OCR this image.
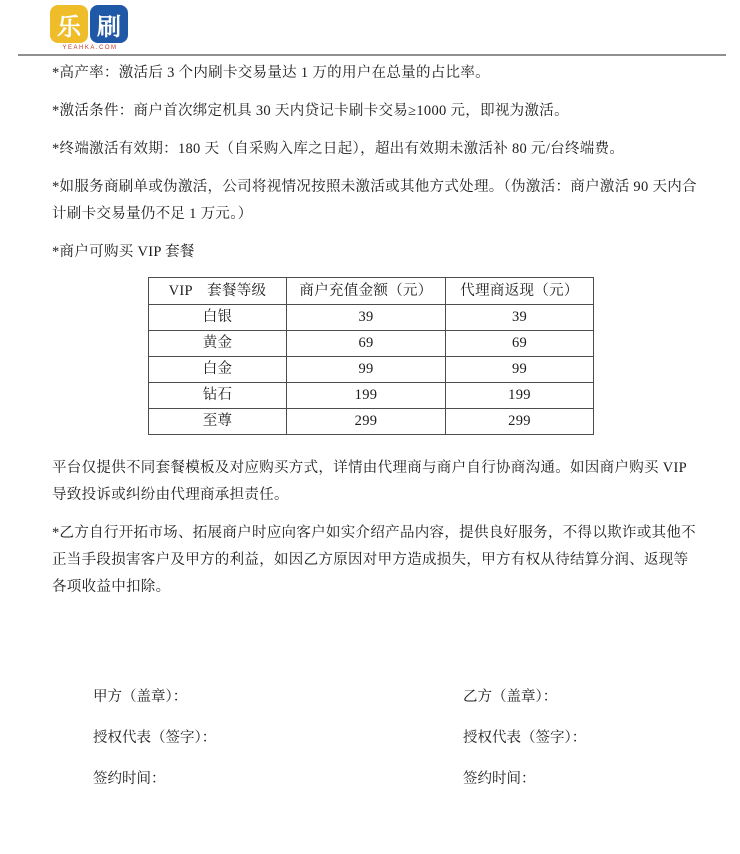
乐 刷
YEAHKA.COM

*高产率：激活后 3 个内刷卡交易量达 1 万的用户在总量的占比率。

*激活条件：商户首次绑定机具 30 天内贷记卡刷卡交易≥1000 元，即视为激活。

*终端激活有效期：180 天（自采购入库之日起），超出有效期未激活补 80 元/台终端费。

*如服务商刷单或伪激活，公司将视情况按照未激活或其他方式处理。（伪激活：商户激活 90 天内合计刷卡交易量仍不足 1 万元。）

*商户可购买 VIP 套餐

VIP　套餐等级	商户充值金额（元）	代理商返现（元）
白银	39	39
黄金	69	69
白金	99	99
钻石	199	199
至尊	299	299

平台仅提供不同套餐模板及对应购买方式，详情由代理商与商户自行协商沟通。如因商户购买 VIP 导致投诉或纠纷由代理商承担责任。

*乙方自行开拓市场、拓展商户时应向客户如实介绍产品内容，提供良好服务，不得以欺诈或其他不正当手段损害客户及甲方的利益，如因乙方原因对甲方造成损失，甲方有权从待结算分润、返现等各项收益中扣除。

甲方（盖章）：
授权代表（签字）：
签约时间：
乙方（盖章）：
授权代表（签字）：
签约时间：
